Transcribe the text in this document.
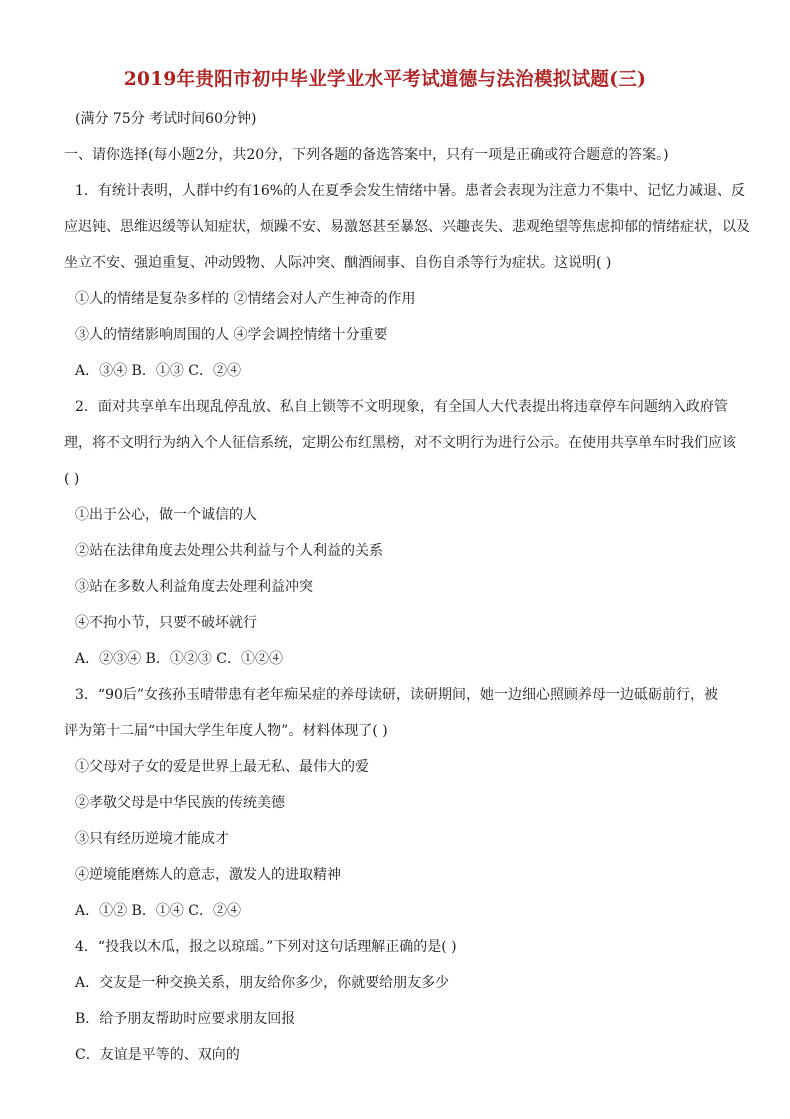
2019年贵阳市初中毕业学业水平考试道德与法治模拟试题(三)
(满分 75分 考试时间60分钟)
一、请你选择(每小题2分，共20分，下列各题的备选答案中，只有一项是正确或符合题意的答案。)
1．有统计表明，人群中约有16%的人在夏季会发生情绪中暑。患者会表现为注意力不集中、记忆力减退、反
应迟钝、思维迟缓等认知症状，烦躁不安、易激怒甚至暴怒、兴趣丧失、悲观绝望等焦虑抑郁的情绪症状，以及
坐立不安、强迫重复、冲动毁物、人际冲突、酗酒闹事、自伤自杀等行为症状。这说明( )
①人的情绪是复杂多样的 ②情绪会对人产生神奇的作用
③人的情绪影响周围的人 ④学会调控情绪十分重要
A．③④ B．①③ C．②④
2．面对共享单车出现乱停乱放、私自上锁等不文明现象，有全国人大代表提出将违章停车问题纳入政府管
理，将不文明行为纳入个人征信系统，定期公布红黑榜，对不文明行为进行公示。在使用共享单车时我们应该
( )
①出于公心，做一个诚信的人
②站在法律角度去处理公共利益与个人利益的关系
③站在多数人利益角度去处理利益冲突
④不拘小节，只要不破坏就行
A．②③④ B．①②③ C．①②④
3．“90后”女孩孙玉晴带患有老年痴呆症的养母读研，读研期间，她一边细心照顾养母一边砥砺前行，被
评为第十二届“中国大学生年度人物”。材料体现了( )
①父母对子女的爱是世界上最无私、最伟大的爱
②孝敬父母是中华民族的传统美德
③只有经历逆境才能成才
④逆境能磨炼人的意志，激发人的进取精神
A．①② B．①④ C．②④
4．“投我以木瓜，报之以琼瑶。”下列对这句话理解正确的是( )
A．交友是一种交换关系，朋友给你多少，你就要给朋友多少
B．给予朋友帮助时应要求朋友回报
C．友谊是平等的、双向的
